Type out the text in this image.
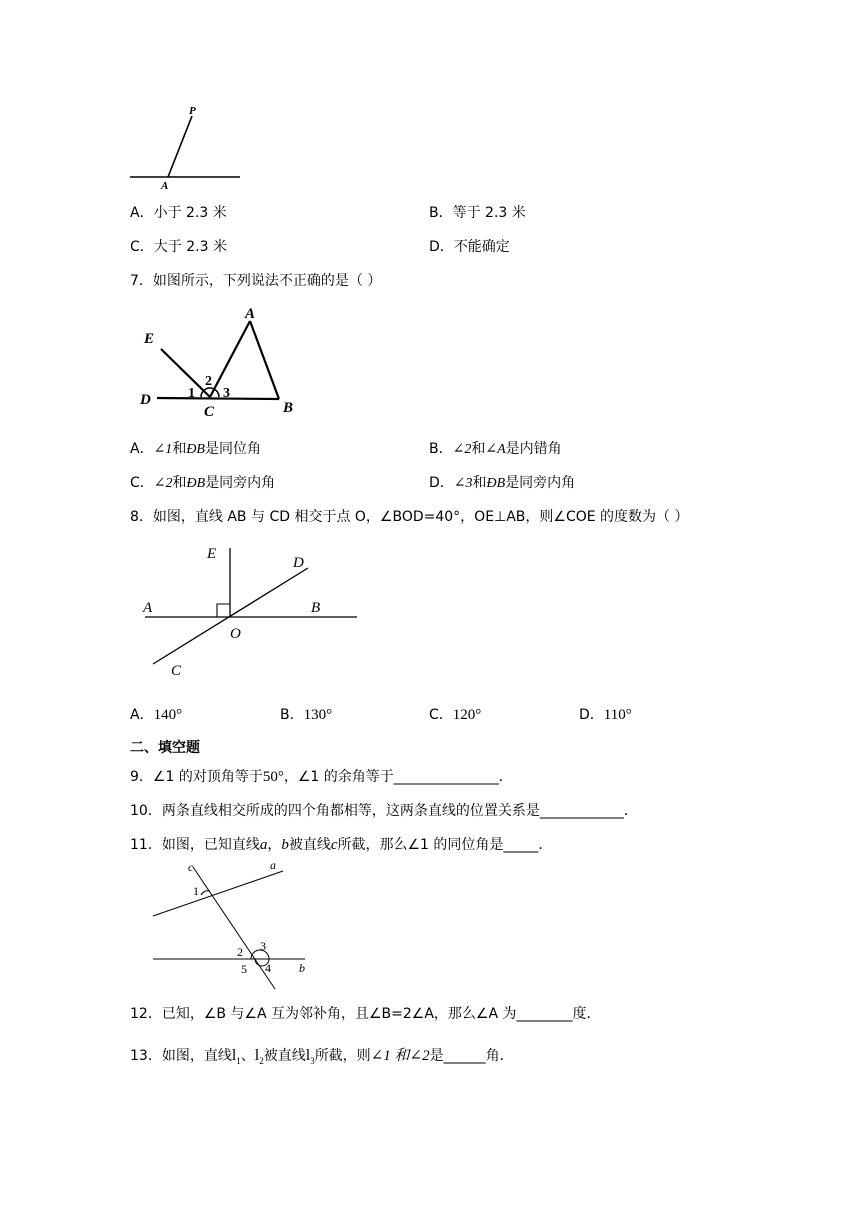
P
A
A．小于 2.3 米	B．等于 2.3 米
C．大于 2.3 米	D．不能确定
7．如图所示，下列说法不正确的是（ ）
A
B
C
D
E
1
2
3
A．∠1和ÐB是同位角	B．∠2和∠A是内错角
C．∠2和ÐB是同旁内角	D．∠3和ÐB是同旁内角
8．如图，直线 AB 与 CD 相交于点 O，∠BOD=40°，OE⊥AB，则∠COE 的度数为（ ）
E
D
A	B
O
C
A．140°	B．130°	C．120°	D．110°
二、填空题
9．∠1 的对顶角等于50°，∠1 的余角等于_______________．
10．两条直线相交所成的四个角都相等，这两条直线的位置关系是____________．
11．如图，已知直线a，b被直线c所截，那么∠1 的同位角是_____．
c	a
b
1
2 3
4
5
12．已知，∠B 与∠A 互为邻补角，且∠B=2∠A，那么∠A 为________度．
13．如图，直线$l_1$、$l_2$被直线$l_3$所截，则∠1 和∠2是______角．
